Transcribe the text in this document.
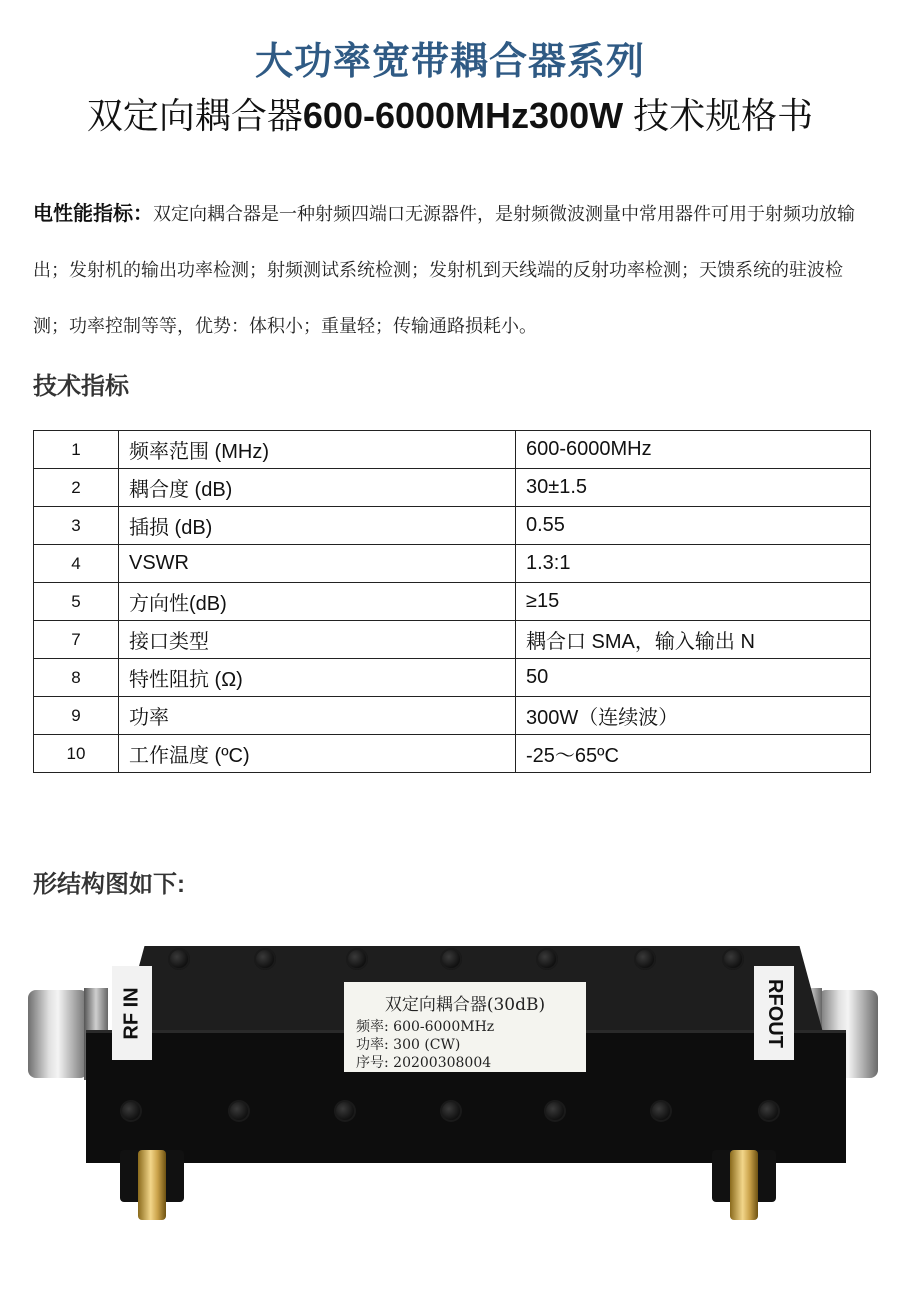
大功率宽带耦合器系列
双定向耦合器600-6000MHz300W 技术规格书
电性能指标：双定向耦合器是一种射频四端口无源器件，是射频微波测量中常用器件可用于射频功放输出；发射机的输出功率检测；射频测试系统检测；发射机到天线端的反射功率检测；天馈系统的驻波检测；功率控制等等，优势：体积小；重量轻；传输通路损耗小。
技术指标
1	频率范围 (MHz)	600-6000MHz
2	耦合度 (dB)	30±1.5
3	插损 (dB)	0.55
4	VSWR	1.3:1
5	方向性(dB)	≥15
7	接口类型	耦合口 SMA，输入输出 N
8	特性阻抗 (Ω)	50
9	功率	300W（连续波）
10	工作温度 (ºC)	-25～65ºC
形结构图如下:
RF IN	RFOUT
双定向耦合器(30dB)
频率: 600-6000MHz
功率: 300 (CW)
序号: 20200308004
